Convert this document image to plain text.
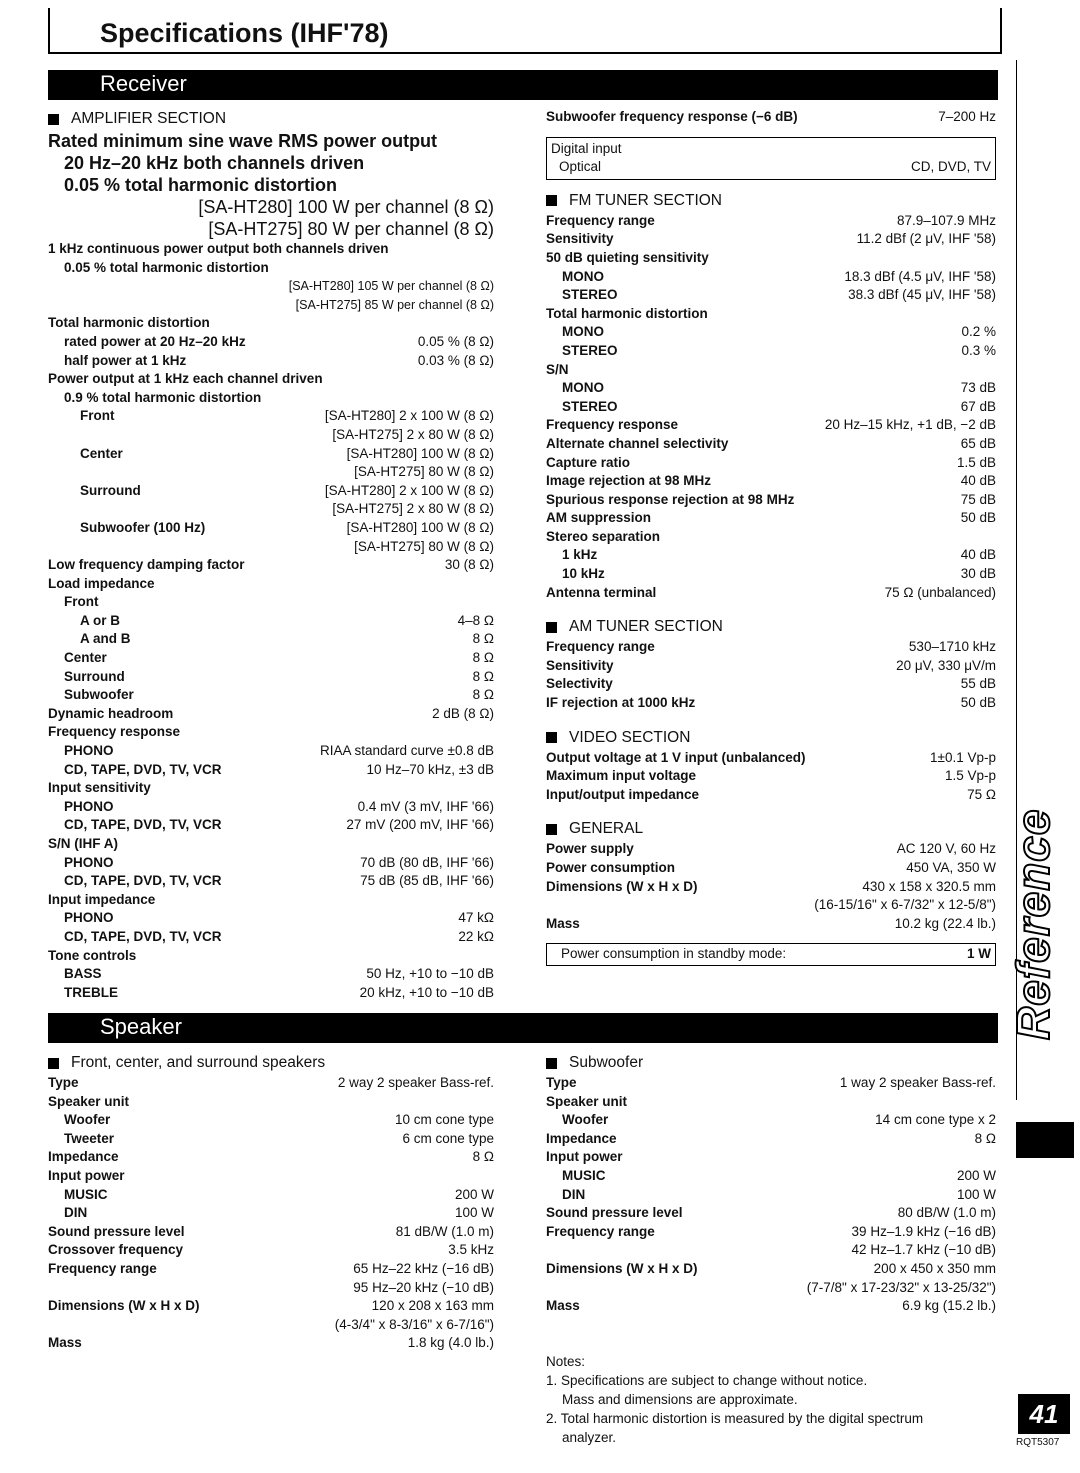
Specifications (IHF'78)
Receiver
AMPLIFIER SECTION
Rated minimum sine wave RMS power output
20 Hz–20 kHz both channels driven
0.05 % total harmonic distortion
[SA-HT280] 100 W per channel (8 Ω)
[SA-HT275] 80 W per channel (8 Ω)
1 kHz continuous power output both channels driven
0.05 % total harmonic distortion
[SA-HT280] 105 W per channel (8 Ω)
[SA-HT275] 85 W per channel (8 Ω)
Total harmonic distortion
rated power at 20 Hz–20 kHz	0.05 % (8 Ω)
half power at 1 kHz	0.03 % (8 Ω)
Power output at 1 kHz each channel driven
0.9 % total harmonic distortion
Front	[SA-HT280] 2 x 100 W (8 Ω)
[SA-HT275] 2 x 80 W (8 Ω)
Center	[SA-HT280] 100 W (8 Ω)
[SA-HT275] 80 W (8 Ω)
Surround	[SA-HT280] 2 x 100 W (8 Ω)
[SA-HT275] 2 x 80 W (8 Ω)
Subwoofer (100 Hz)	[SA-HT280] 100 W (8 Ω)
[SA-HT275] 80 W (8 Ω)
Low frequency damping factor	30 (8 Ω)
Load impedance
Front
A or B	4–8 Ω
A and B	8 Ω
Center	8 Ω
Surround	8 Ω
Subwoofer	8 Ω
Dynamic headroom	2 dB (8 Ω)
Frequency response
PHONO	RIAA standard curve ±0.8 dB
CD, TAPE, DVD, TV, VCR	10 Hz–70 kHz, ±3 dB
Input sensitivity
PHONO	0.4 mV (3 mV, IHF '66)
CD, TAPE, DVD, TV, VCR	27 mV (200 mV, IHF '66)
S/N (IHF A)
PHONO	70 dB (80 dB, IHF '66)
CD, TAPE, DVD, TV, VCR	75 dB (85 dB, IHF '66)
Input impedance
PHONO	47 kΩ
CD, TAPE, DVD, TV, VCR	22 kΩ
Tone controls
BASS	50 Hz, +10 to −10 dB
TREBLE	20 kHz, +10 to −10 dB
Subwoofer frequency response (−6 dB)	7–200 Hz
Digital input
Optical	CD, DVD, TV
FM TUNER SECTION
Frequency range	87.9–107.9 MHz
Sensitivity	11.2 dBf (2 μV, IHF '58)
50 dB quieting sensitivity
MONO	18.3 dBf (4.5 μV, IHF '58)
STEREO	38.3 dBf (45 μV, IHF '58)
Total harmonic distortion
MONO	0.2 %
STEREO	0.3 %
S/N
MONO	73 dB
STEREO	67 dB
Frequency response	20 Hz–15 kHz, +1 dB, −2 dB
Alternate channel selectivity	65 dB
Capture ratio	1.5 dB
Image rejection at 98 MHz	40 dB
Spurious response rejection at 98 MHz	75 dB
AM suppression	50 dB
Stereo separation
1 kHz	40 dB
10 kHz	30 dB
Antenna terminal	75 Ω (unbalanced)
AM TUNER SECTION
Frequency range	530–1710 kHz
Sensitivity	20 μV, 330 μV/m
Selectivity	55 dB
IF rejection at 1000 kHz	50 dB
VIDEO SECTION
Output voltage at 1 V input (unbalanced)	1±0.1 Vp-p
Maximum input voltage	1.5 Vp-p
Input/output impedance	75 Ω
GENERAL
Power supply	AC 120 V, 60 Hz
Power consumption	450 VA, 350 W
Dimensions (W x H x D)	430 x 158 x 320.5 mm
(16-15/16" x 6-7/32" x 12-5/8")
Mass	10.2 kg (22.4 lb.)
Power consumption in standby mode:	1 W
Speaker
Front, center, and surround speakers
Type	2 way 2 speaker Bass-ref.
Speaker unit
Woofer	10 cm cone type
Tweeter	6 cm cone type
Impedance	8 Ω
Input power
MUSIC	200 W
DIN	100 W
Sound pressure level	81 dB/W (1.0 m)
Crossover frequency	3.5 kHz
Frequency range	65 Hz–22 kHz (−16 dB)
95 Hz–20 kHz (−10 dB)
Dimensions (W x H x D)	120 x 208 x 163 mm
(4-3/4" x 8-3/16" x 6-7/16")
Mass	1.8 kg (4.0 lb.)
Subwoofer
Type	1 way 2 speaker Bass-ref.
Speaker unit
Woofer	14 cm cone type x 2
Impedance	8 Ω
Input power
MUSIC	200 W
DIN	100 W
Sound pressure level	80 dB/W (1.0 m)
Frequency range	39 Hz–1.9 kHz (−16 dB)
42 Hz–1.7 kHz (−10 dB)
Dimensions (W x H x D)	200 x 450 x 350 mm
(7-7/8" x 17-23/32" x 13-25/32")
Mass	6.9 kg (15.2 lb.)
Notes:
1. Specifications are subject to change without notice.
Mass and dimensions are approximate.
2. Total harmonic distortion is measured by the digital spectrum
analyzer.
Reference
41
RQT5307
